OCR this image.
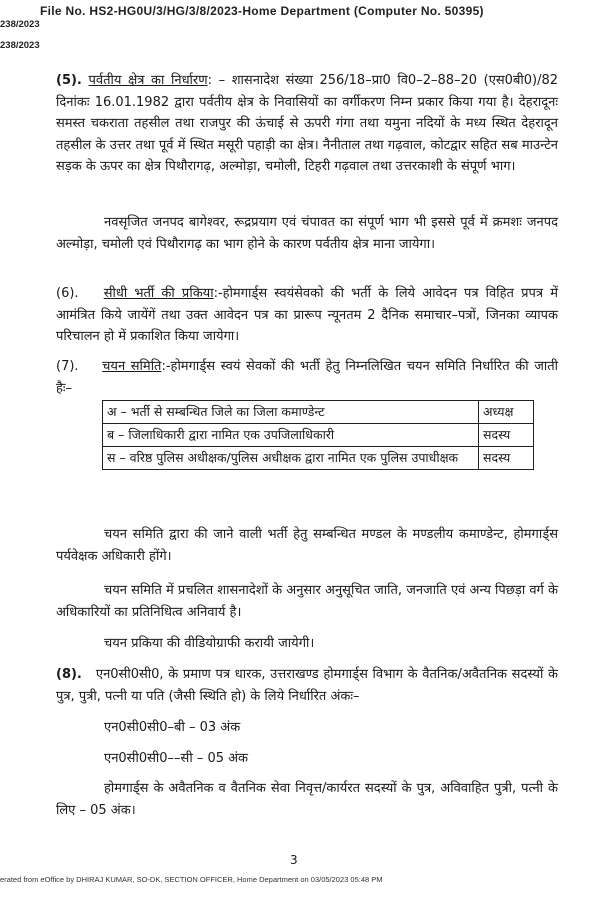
File No. HS2-HG0U/3/HG/3/8/2023-Home Department (Computer No. 50395)
238/2023
238/2023
(5). पर्वतीय क्षेत्र का निर्धारण: – शासनादेश संख्या 256/18–प्रा0 वि0–2–88–20 (एस0बी0)/82 दिनांकः 16.01.1982 द्वारा पर्वतीय क्षेत्र के निवासियों का वर्गीकरण निम्न प्रकार किया गया है। देहरादूनः समस्त चकराता तहसील तथा राजपुर की ऊंचाई से ऊपरी गंगा तथा यमुना नदियों के मध्य स्थित देहरादून तहसील के उत्तर तथा पूर्व में स्थित मसूरी पहाड़ी का क्षेत्र। नैनीताल तथा गढ़वाल, कोटद्वार सहित सब माउन्टेन सड़क के ऊपर का क्षेत्र पिथौरागढ़, अल्मोड़ा, चमोली, टिहरी गढ़वाल तथा उत्तरकाशी के संपूर्ण भाग।
नवसृजित जनपद बागेश्वर, रूद्रप्रयाग एवं चंपावत का संपूर्ण भाग भी इससे पूर्व में क्रमशः जनपद अल्मोड़ा, चमोली एवं पिथौरागढ़ का भाग होने के कारण पर्वतीय क्षेत्र माना जायेगा।
(6). सीधी भर्ती की प्रकिया:-होमगार्ड्स स्वयंसेवको की भर्ती के लिये आवेदन पत्र विहित प्रपत्र में आमंत्रित किये जायेंगें तथा उक्त आवेदन पत्र का प्रारूप न्यूनतम 2 दैनिक समाचार–पत्रों, जिनका व्यापक परिचालन हो में प्रकाशित किया जायेगा।
(7). चयन समिति:-होमगार्ड्स स्वयं सेवकों की भर्ती हेतु निम्नलिखित चयन समिति निर्धारित की जाती हैः–
अ – भर्ती से सम्बन्धित जिले का जिला कमाण्डेन्ट	अध्यक्ष
ब – जिलाधिकारी द्वारा नामित एक उपजिलाधिकारी	सदस्य
स – वरिष्ठ पुलिस अधीक्षक/पुलिस अधीक्षक द्वारा नामित एक पुलिस उपाधीक्षक	सदस्य
चयन समिति द्वारा की जाने वाली भर्ती हेतु सम्बन्धित मण्डल के मण्डलीय कमाण्डेन्ट, होमगार्ड्स पर्यवेक्षक अधिकारी होंगे।
चयन समिति में प्रचलित शासनादेशों के अनुसार अनुसूचित जाति, जनजाति एवं अन्य पिछड़ा वर्ग के अधिकारियों का प्रतिनिधित्व अनिवार्य है।
चयन प्रकिया की वीडियोग्राफी करायी जायेगी।
(8). एन0सी0सी0, के प्रमाण पत्र धारक, उत्तराखण्ड होमगार्ड्स विभाग के वैतनिक/अवैतनिक सदस्यों के पुत्र, पुत्री, पत्नी या पति (जैसी स्थिति हो) के लिये निर्धारित अंकः–
एन0सी0सी0–बी – 03 अंक
एन0सी0सी0––सी – 05 अंक
होमगार्ड्स के अवैतनिक व वैतनिक सेवा निवृत्त/कार्यरत सदस्यों के पुत्र, अविवाहित पुत्री, पत्नी के लिए – 05 अंक।
3
erated from eOffice by DHIRAJ KUMAR, SO-DK, SECTION OFFICER, Home Department on 03/05/2023 05:48 PM
